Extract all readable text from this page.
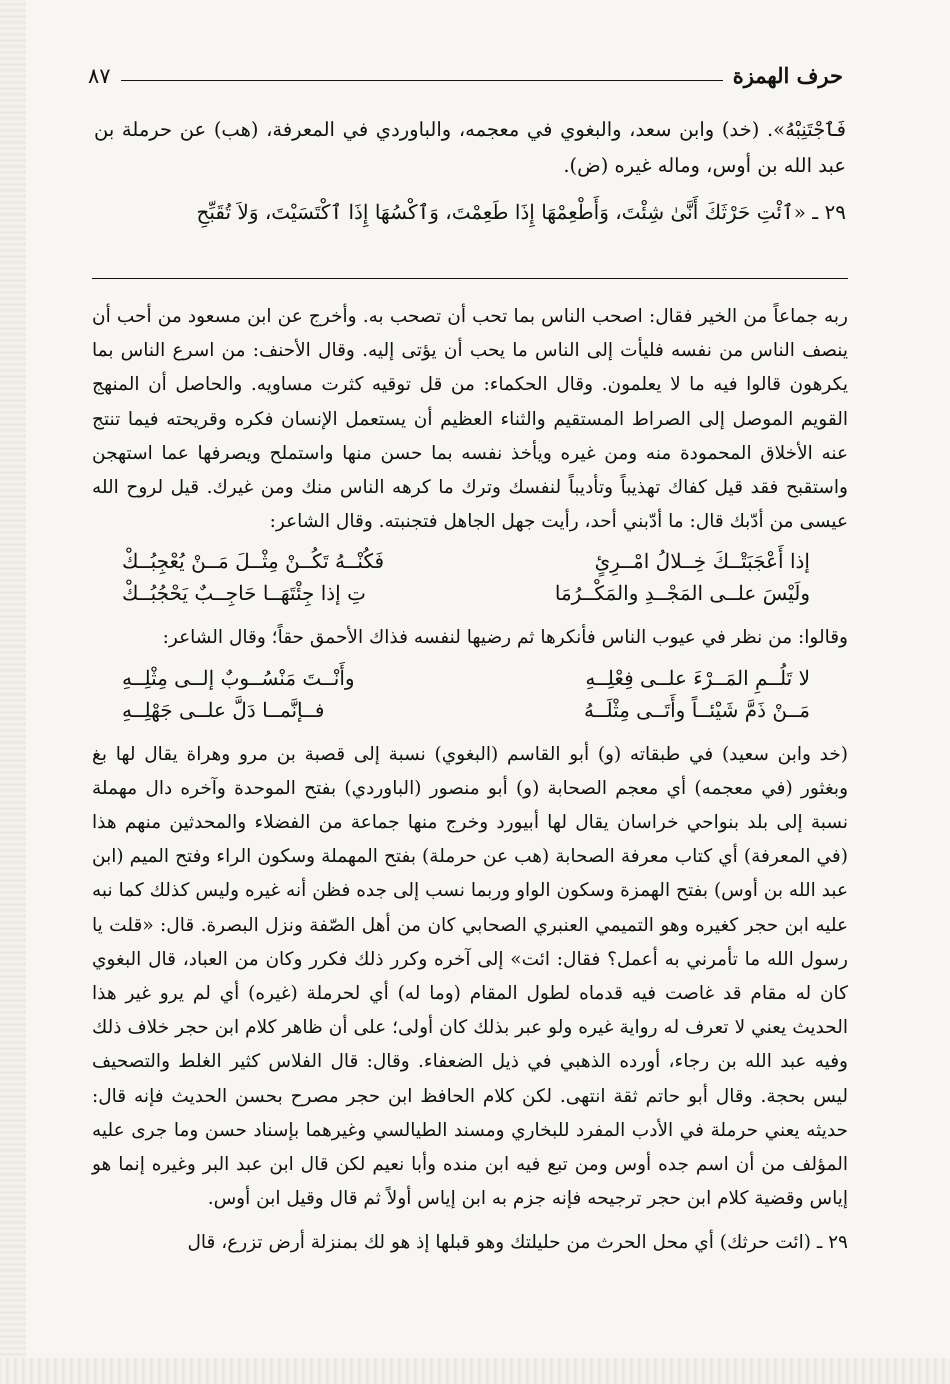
حرف الهمزة
٨٧

فَٱجْتَنِبْهُ». (خد) وابن سعد، والبغوي في معجمه، والباوردي في المعرفة، (هب) عن حرملة بن عبد الله بن أوس، وماله غيره (ض).

٢٩ ـ «ٱئْتِ حَرْثَكَ أَنَّىٰ شِئْتَ، وَأَطْعِمْهَا إِذَا طَعِمْتَ، وَٱكْسُهَا إِذَا ٱكْتَسَيْتَ، وَلاَ تُقَبِّحِ

ربه جماعاً من الخير فقال: اصحب الناس بما تحب أن تصحب به. وأخرج عن ابن مسعود من أحب أن ينصف الناس من نفسه فليأت إلى الناس ما يحب أن يؤتى إليه. وقال الأحنف: من اسرع الناس بما يكرهون قالوا فيه ما لا يعلمون. وقال الحكماء: من قل توقيه كثرت مساويه. والحاصل أن المنهج القويم الموصل إلى الصراط المستقيم والثناء العظيم أن يستعمل الإنسان فكره وقريحته فيما تنتج عنه الأخلاق المحمودة منه ومن غيره ويأخذ نفسه بما حسن منها واستملح ويصرفها عما استهجن واستقبح فقد قيل كفاك تهذيباً وتأديباً لنفسك وترك ما كرهه الناس منك ومن غيرك. قيل لروح الله عيسى من أدّبك قال: ما أدّبني أحد، رأيت جهل الجاهل فتجنبته. وقال الشاعر:

إذا أَعْجَبَتْــكَ خِــلالُ امْــرِئٍ
فَكُنْــهُ تَكُــنْ مِثْــلَ مَــنْ يُعْجِبُــكْ
ولَيْسَ علــى المَجْــدِ والمَكْــرُمَا
تِ إذا جِئْتَهَــا حَاجِــبٌ يَحْجُبُــكْ

وقالوا: من نظر في عيوب الناس فأنكرها ثم رضيها لنفسه فذاك الأحمق حقاً؛ وقال الشاعر:

لا تَلُــمِ المَــرْءَ علــى فِعْلِــهِ
وأَنْــتَ مَنْسُــوبٌ إلــى مِثْلِــهِ
مَــنْ ذَمَّ شَيْئــاً وأَتَــى مِثْلَــهُ
فــإنَّمــا دَلَّ علــى جَهْلِــهِ

(خد وابن سعيد) في طبقاته (و) أبو القاسم (البغوي) نسبة إلى قصبة بن مرو وهراة يقال لها بغ وبغثور (في معجمه) أي معجم الصحابة (و) أبو منصور (الباوردي) بفتح الموحدة وآخره دال مهملة نسبة إلى بلد بنواحي خراسان يقال لها أبيورد وخرج منها جماعة من الفضلاء والمحدثين منهم هذا (في المعرفة) أي كتاب معرفة الصحابة (هب عن حرملة) بفتح المهملة وسكون الراء وفتح الميم (ابن عبد الله بن أوس) بفتح الهمزة وسكون الواو وربما نسب إلى جده فظن أنه غيره وليس كذلك كما نبه عليه ابن حجر كغيره وهو التميمي العنبري الصحابي كان من أهل الصّفة ونزل البصرة. قال: «قلت يا رسول الله ما تأمرني به أعمل؟ فقال: ائت» إلى آخره وكرر ذلك فكرر وكان من العباد، قال البغوي كان له مقام قد غاصت فيه قدماه لطول المقام (وما له) أي لحرملة (غيره) أي لم يرو غير هذا الحديث يعني لا تعرف له رواية غيره ولو عبر بذلك كان أولى؛ على أن ظاهر كلام ابن حجر خلاف ذلك وفيه عبد الله بن رجاء، أورده الذهبي في ذيل الضعفاء. وقال: قال الفلاس كثير الغلط والتصحيف ليس بحجة. وقال أبو حاتم ثقة انتهى. لكن كلام الحافظ ابن حجر مصرح بحسن الحديث فإنه قال: حديثه يعني حرملة في الأدب المفرد للبخاري ومسند الطيالسي وغيرهما بإسناد حسن وما جرى عليه المؤلف من أن اسم جده أوس ومن تبع فيه ابن منده وأبا نعيم لكن قال ابن عبد البر وغيره إنما هو إياس وقضية كلام ابن حجر ترجيحه فإنه جزم به ابن إياس أولاً ثم قال وقيل ابن أوس.

٢٩ ـ (ائت حرثك) أي محل الحرث من حليلتك وهو قبلها إذ هو لك بمنزلة أرض تزرع، قال
